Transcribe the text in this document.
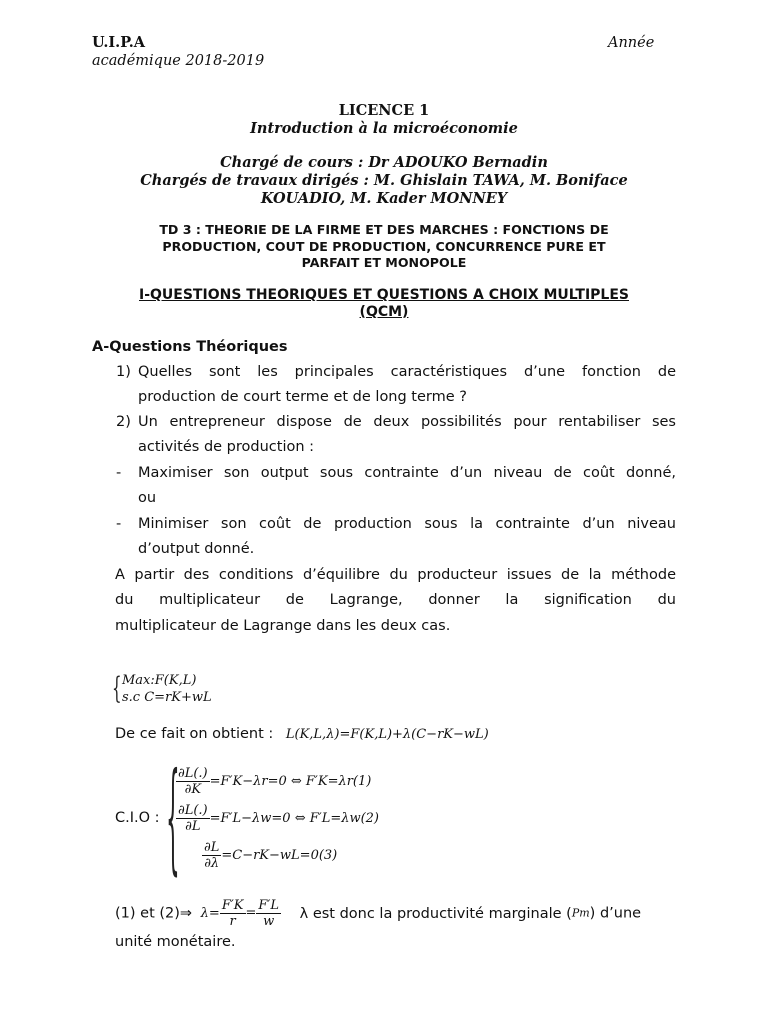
U.I.P.A
académique 2018-2019
Année
LICENCE 1
Introduction à la microéconomie
Chargé de cours : Dr ADOUKO Bernadin
Chargés de travaux dirigés : M. Ghislain TAWA, M. Boniface
KOUADIO, M. Kader MONNEY
TD 3 : THEORIE DE LA FIRME ET DES MARCHES : FONCTIONS DE
PRODUCTION, COUT DE PRODUCTION, CONCURRENCE PURE ET
PARFAIT ET MONOPOLE
I-QUESTIONS THEORIQUES ET QUESTIONS A CHOIX MULTIPLES
(QCM)
A-Questions Théoriques
1) Quelles sont les principales caractéristiques d’une fonction de
production de court terme et de long terme ?
2) Un entrepreneur dispose de deux possibilités pour rentabiliser ses
activités de production :
- Maximiser son output sous contrainte d’un niveau de coût donné,
ou
- Minimiser son coût de production sous la contrainte d’un niveau
d’output donné.
A partir des conditions d’équilibre du producteur issues de la méthode
du multiplicateur de Lagrange, donner la signification du
multiplicateur de Lagrange dans les deux cas.
{ Max:F(K,L)
s.c C=rK+wL
De ce fait on obtient : L(K,L,λ)=F(K,L)+λ(C−rK−wL)
C.I.O : {
$\frac{\partial L(.)}{\partial K} =F'K-\lambda r=0$ ⇔ F′K=λr(1)
$\frac{\partial L(.)}{\partial L} =F'L-\lambda w=0$ ⇔ F′L=λw(2)
$\frac{\partial L}{\partial\lambda} =C-rK-wL=0(3)$
(1) et (2)⇒ $\lambda= \frac{F'K}{r} = \frac{F'L}{w}$ λ est donc la productivité marginale (Pm) d’une
unité monétaire.
